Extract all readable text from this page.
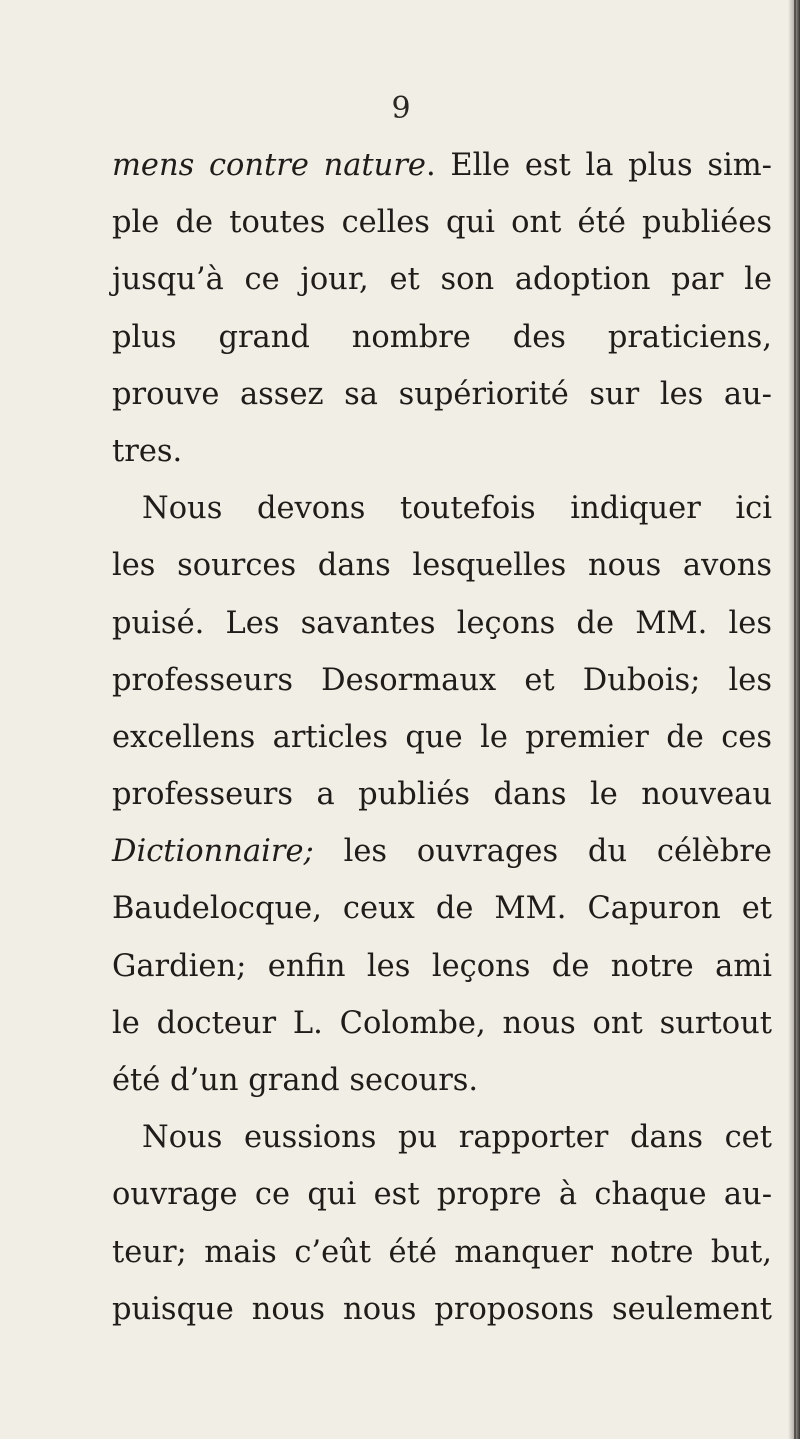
9
mens contre nature. Elle est la plus sim-
ple de toutes celles qui ont été publiées
jusqu’à ce jour, et son adoption par le
plus grand nombre des praticiens,
prouve assez sa supériorité sur les au-
tres.
Nous devons toutefois indiquer ici
les sources dans lesquelles nous avons
puisé. Les savantes leçons de MM. les
professeurs Desormaux et Dubois; les
excellens articles que le premier de ces
professeurs a publiés dans le nouveau
Dictionnaire; les ouvrages du célèbre
Baudelocque, ceux de MM. Capuron et
Gardien; enfin les leçons de notre ami
le docteur L. Colombe, nous ont surtout
été d’un grand secours.
Nous eussions pu rapporter dans cet
ouvrage ce qui est propre à chaque au-
teur; mais c’eût été manquer notre but,
puisque nous nous proposons seulement
